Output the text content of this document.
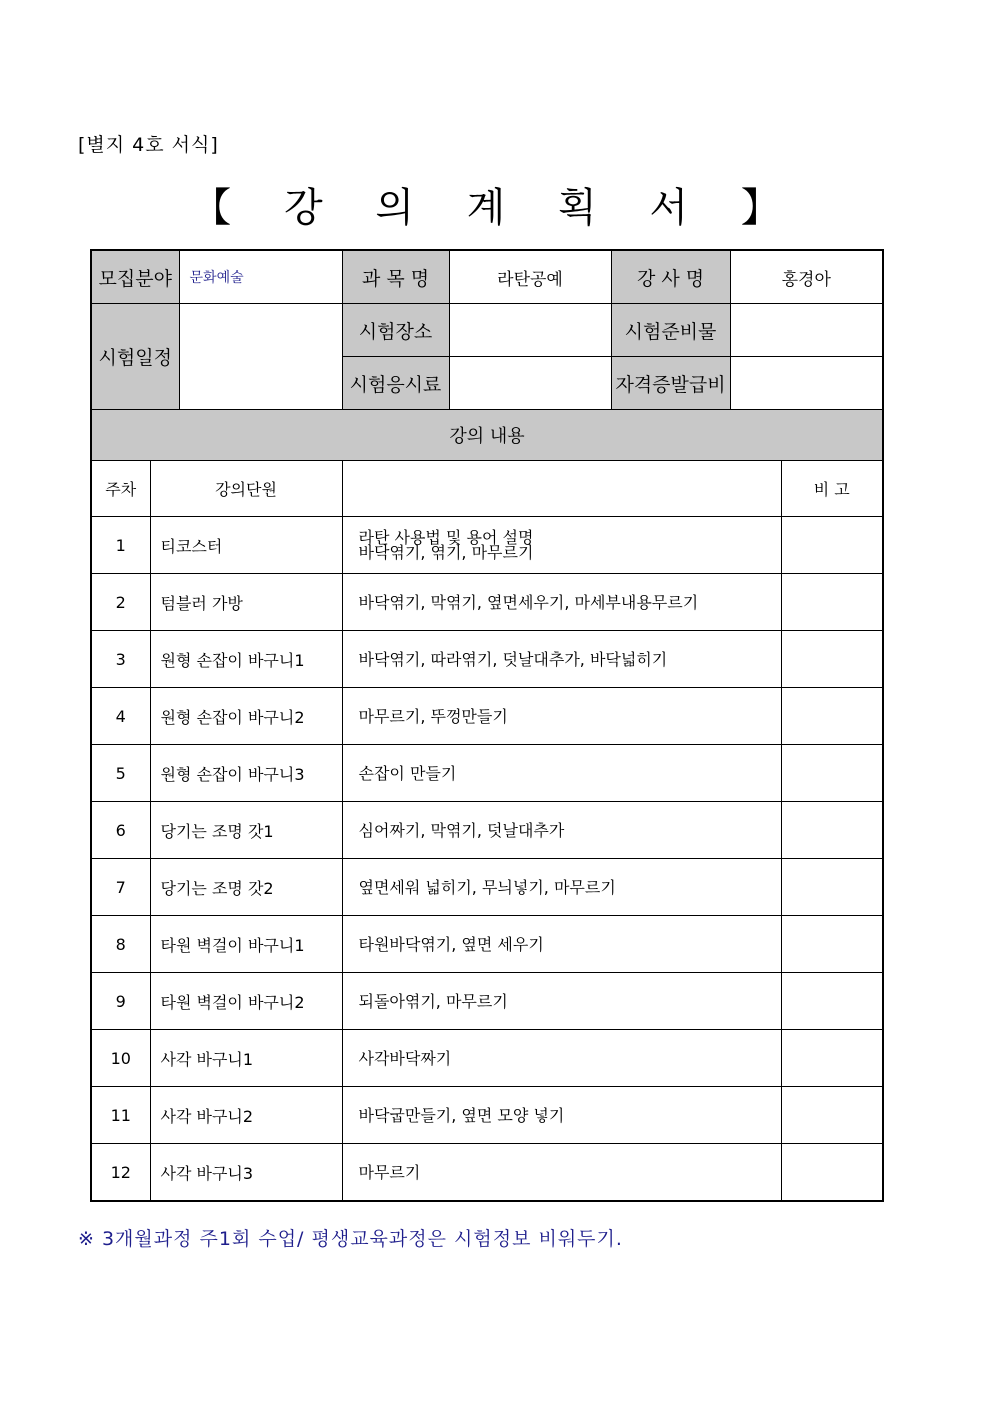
[별지 4호 서식]
【 강 의 계 획 서 】
모집분야		문화예술	과 목 명	라탄공예	강 사 명	홍경아	
시험일정			시험장소		시험준비물		
			시험응시료		자격증발급비		
강의 내용							
주차	강의단원						비 고
1	티코스터		라탄 사용법 및 용어 설명
바닥엮기, 엮기, 마무르기				

2	텀블러 가방		바닥엮기, 막엮기, 옆면세우기, 마세부내용무르기				

3	원형 손잡이 바구니1		바닥엮기, 따라엮기, 덧날대추가, 바닥넓히기				

4	원형 손잡이 바구니2		마무르기, 뚜껑만들기				

5	원형 손잡이 바구니3		손잡이 만들기				

6	당기는 조명 갓1		심어짜기, 막엮기, 덧날대추가				

7	당기는 조명 갓2		옆면세워 넓히기, 무늬넣기, 마무르기				

8	타원 벽걸이 바구니1		타원바닥엮기, 옆면 세우기				

9	타원 벽걸이 바구니2		되돌아엮기, 마무르기				

10	사각 바구니1		사각바닥짜기				

11	사각 바구니2		바닥굽만들기, 옆면 모양 넣기				

12	사각 바구니3		마무르기				

※ 3개월과정 주1회 수업/ 평생교육과정은 시험정보 비워두기.
